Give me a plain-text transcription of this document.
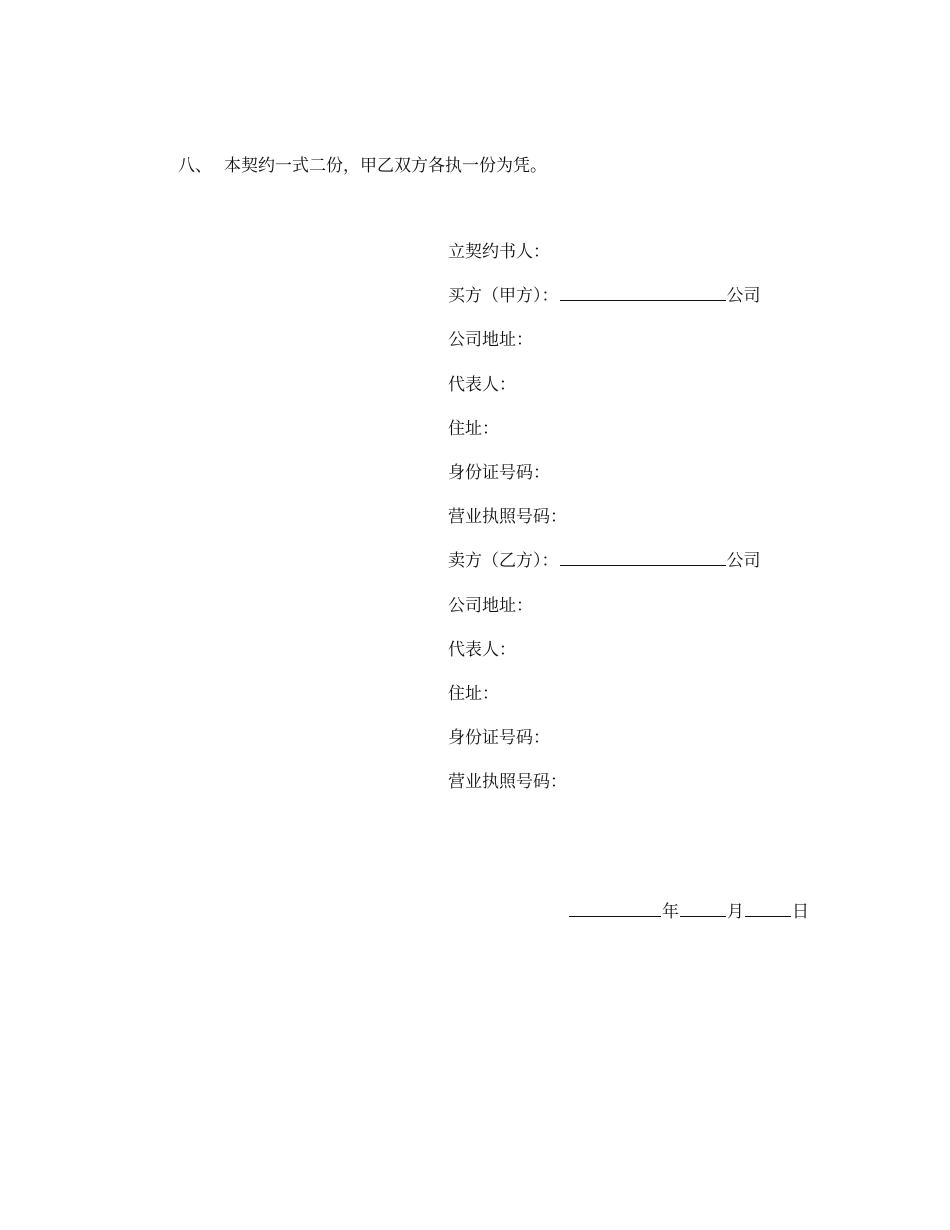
八、 本契约一式二份，甲乙双方各执一份为凭。
立契约书人：
买方（甲方）：	公司
公司地址：
代表人：
住址：
身份证号码：
营业执照号码：
卖方（乙方）：	公司
公司地址：
代表人：
住址：
身份证号码：
营业执照号码：
年	月	日
